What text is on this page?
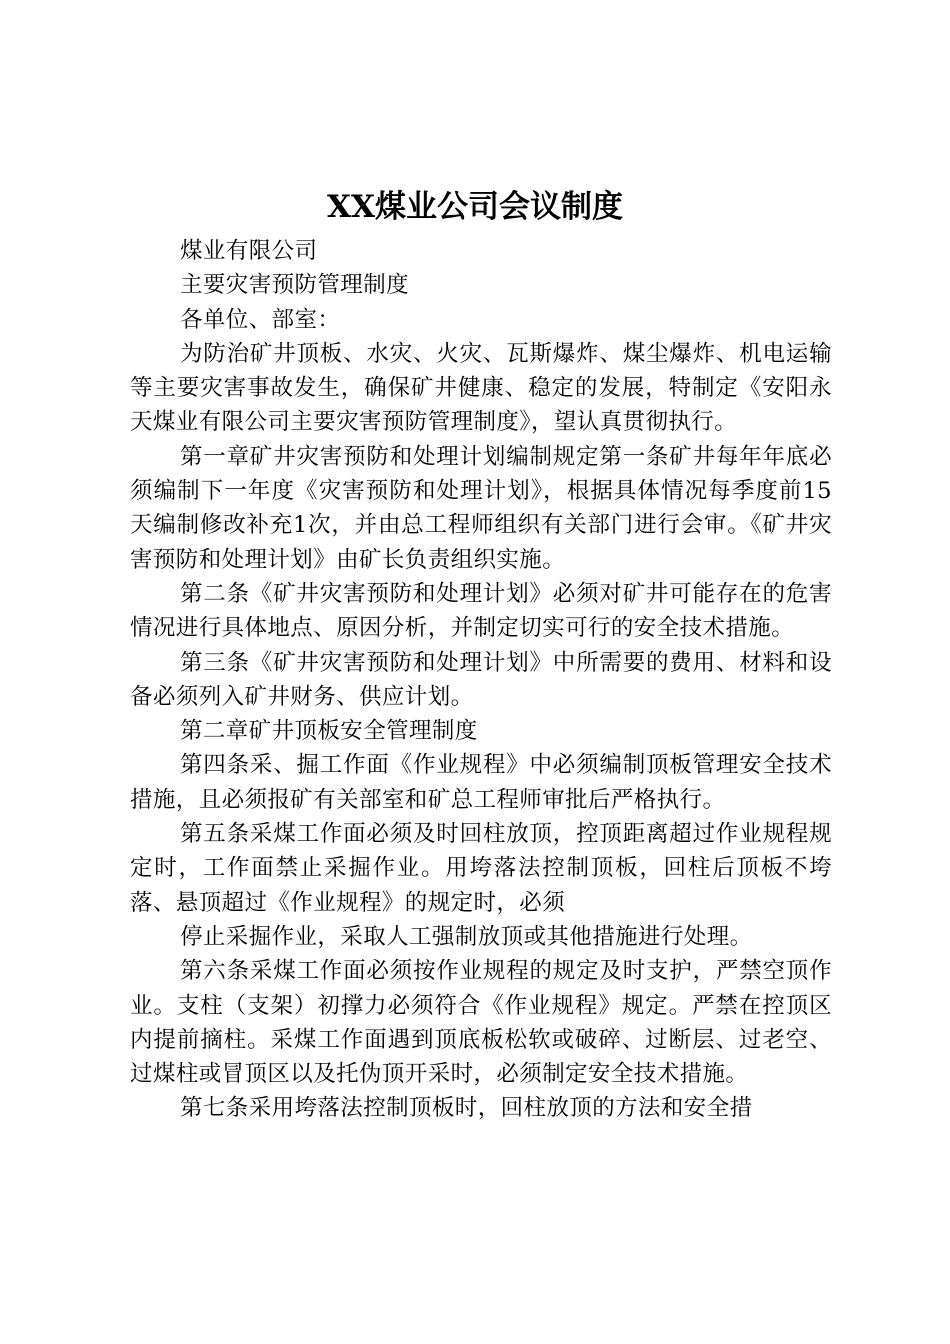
XX煤业公司会议制度

煤业有限公司

主要灾害预防管理制度

各单位、部室：

为防治矿井顶板、水灾、火灾、瓦斯爆炸、煤尘爆炸、机电运输等主要灾害事故发生，确保矿井健康、稳定的发展，特制定《安阳永天煤业有限公司主要灾害预防管理制度》，望认真贯彻执行。

第一章矿井灾害预防和处理计划编制规定第一条矿井每年年底必须编制下一年度《灾害预防和处理计划》，根据具体情况每季度前15天编制修改补充1次，并由总工程师组织有关部门进行会审。《矿井灾害预防和处理计划》由矿长负责组织实施。

第二条《矿井灾害预防和处理计划》必须对矿井可能存在的危害情况进行具体地点、原因分析，并制定切实可行的安全技术措施。

第三条《矿井灾害预防和处理计划》中所需要的费用、材料和设备必须列入矿井财务、供应计划。

第二章矿井顶板安全管理制度

第四条采、掘工作面《作业规程》中必须编制顶板管理安全技术措施，且必须报矿有关部室和矿总工程师审批后严格执行。

第五条采煤工作面必须及时回柱放顶，控顶距离超过作业规程规定时，工作面禁止采掘作业。用垮落法控制顶板，回柱后顶板不垮落、悬顶超过《作业规程》的规定时，必须

停止采掘作业，采取人工强制放顶或其他措施进行处理。

第六条采煤工作面必须按作业规程的规定及时支护，严禁空顶作业。支柱（支架）初撑力必须符合《作业规程》规定。严禁在控顶区内提前摘柱。采煤工作面遇到顶底板松软或破碎、过断层、过老空、过煤柱或冒顶区以及托伪顶开采时，必须制定安全技术措施。

第七条采用垮落法控制顶板时，回柱放顶的方法和安全措
